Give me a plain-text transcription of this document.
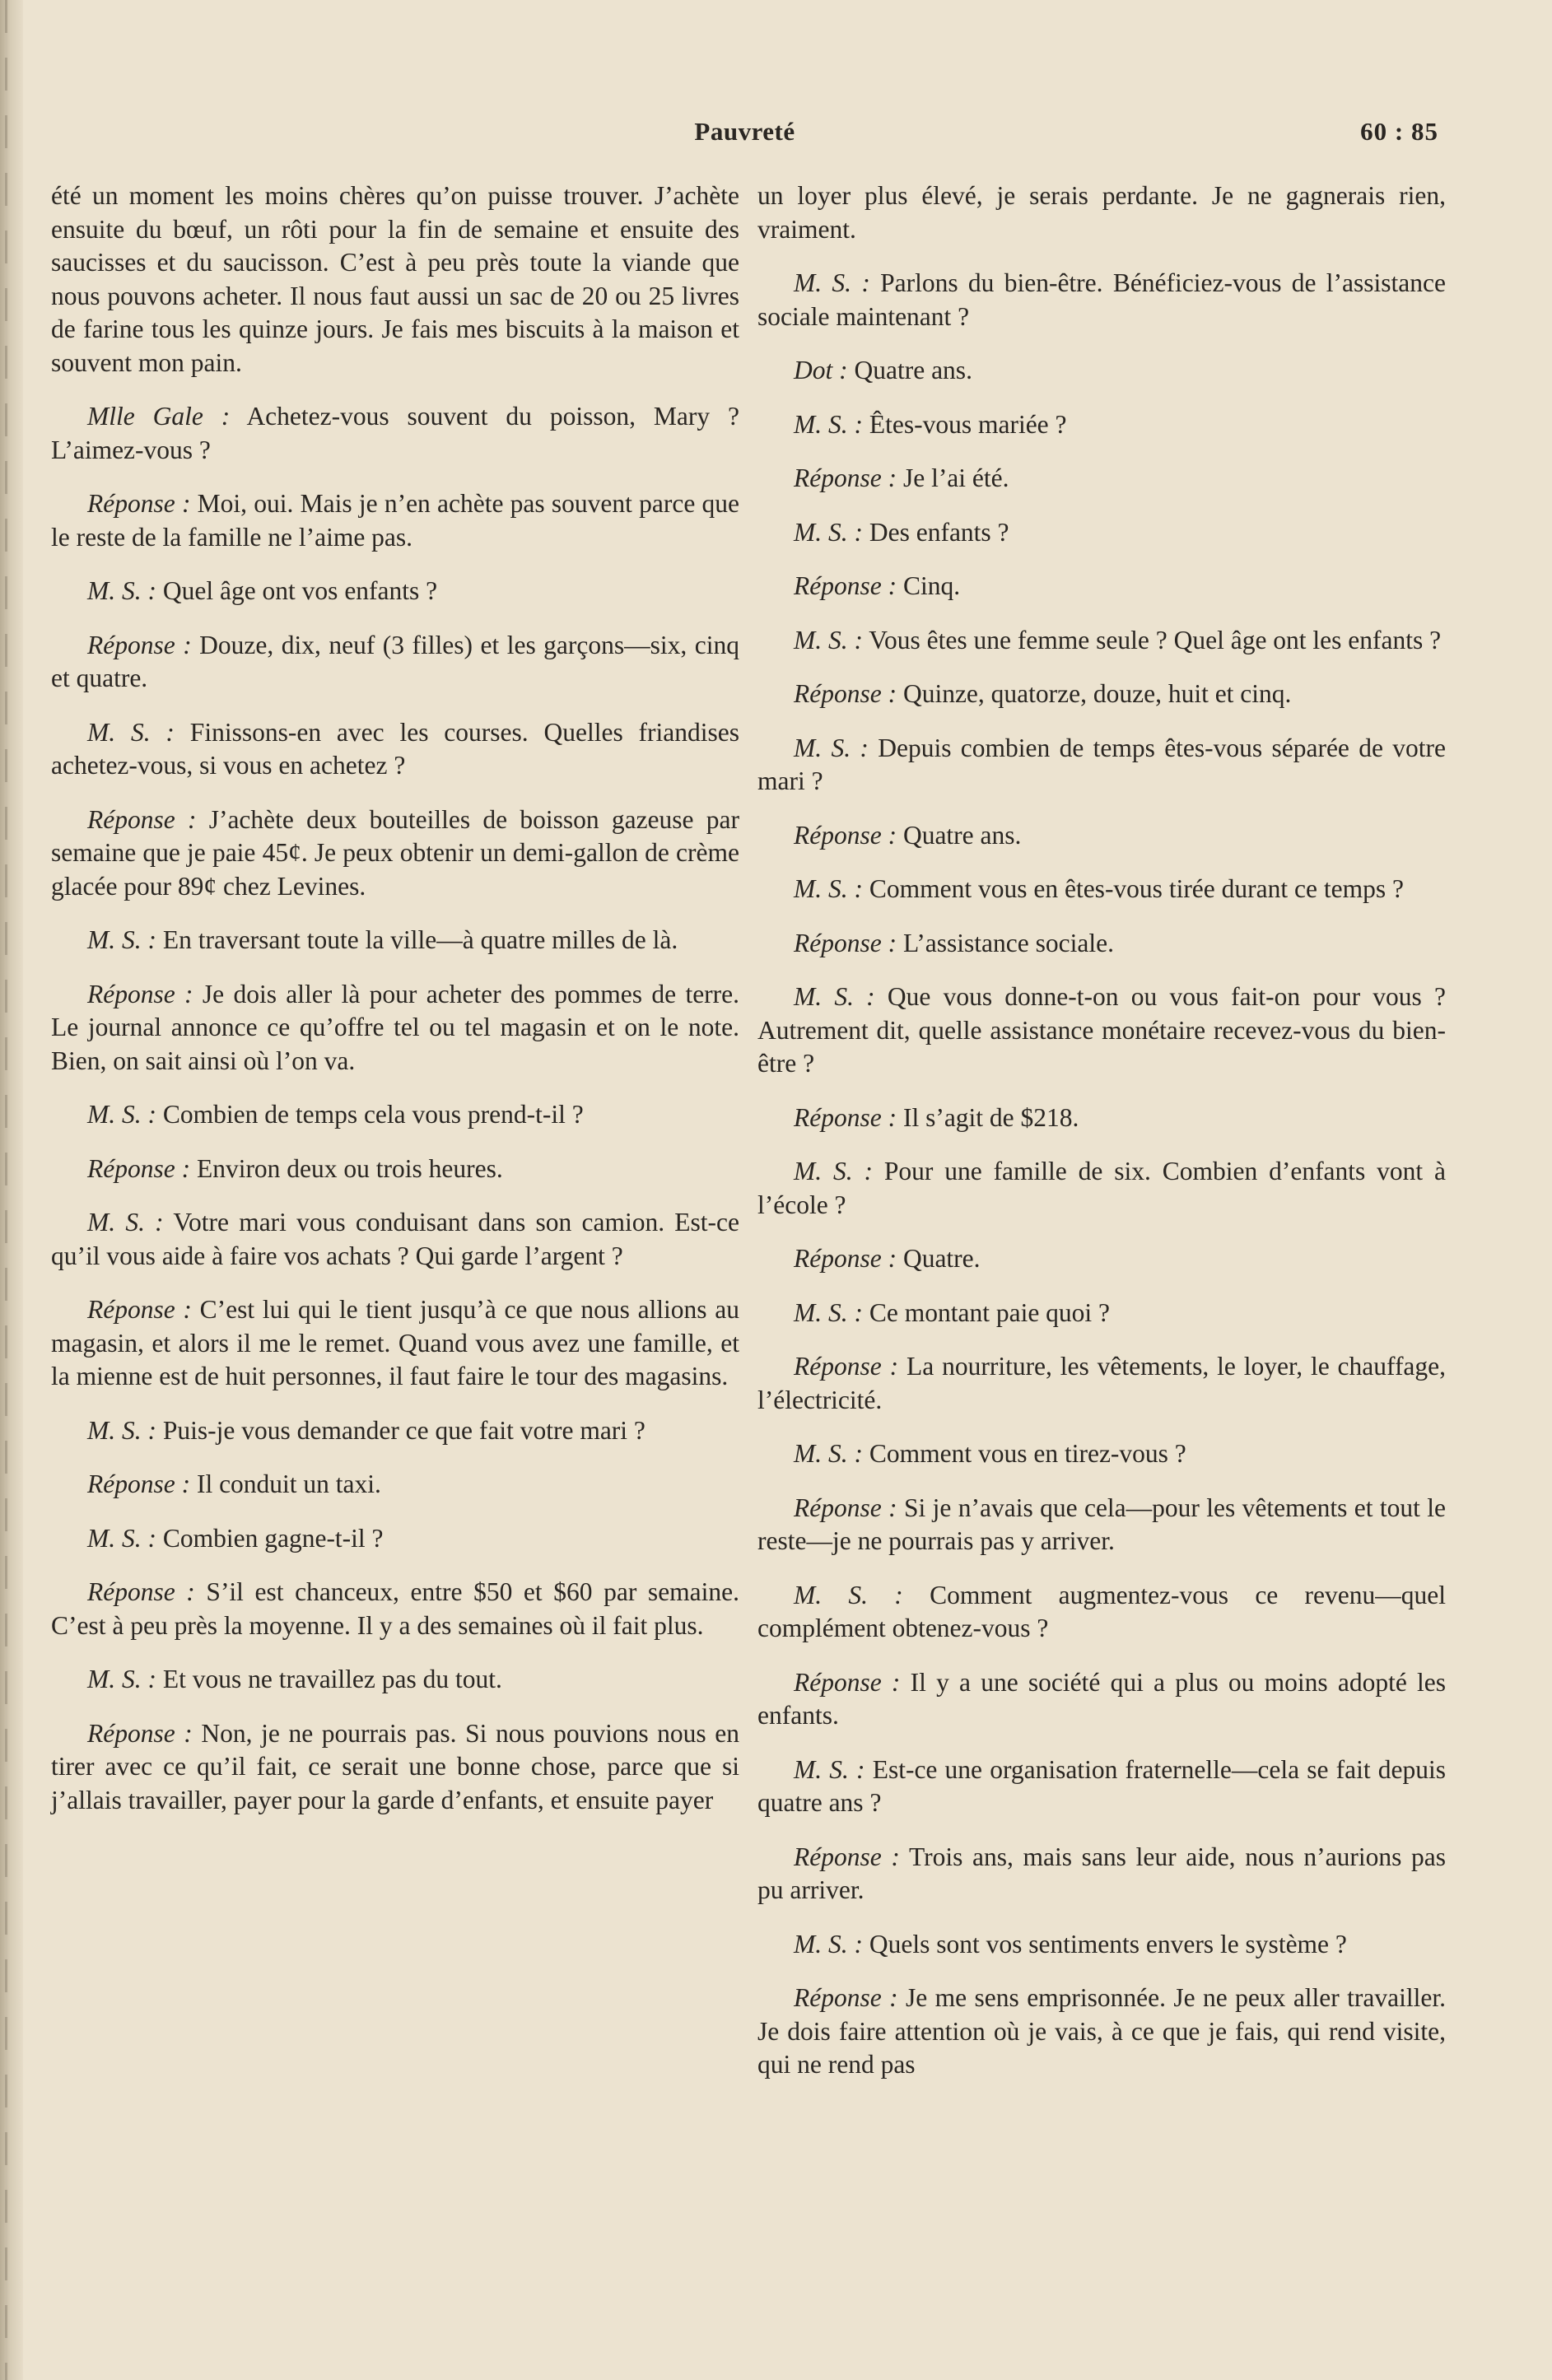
Pauvreté	60 : 85

été un moment les moins chères qu’on puisse trouver. J’achète ensuite du bœuf, un rôti pour la fin de semaine et ensuite des saucisses et du saucisson. C’est à peu près toute la viande que nous pouvons acheter. Il nous faut aussi un sac de 20 ou 25 livres de farine tous les quinze jours. Je fais mes biscuits à la maison et souvent mon pain.

Mlle Gale : Achetez-vous souvent du poisson, Mary ? L’aimez-vous ?

Réponse : Moi, oui. Mais je n’en achète pas souvent parce que le reste de la famille ne l’aime pas.

M. S. : Quel âge ont vos enfants ?

Réponse : Douze, dix, neuf (3 filles) et les garçons—six, cinq et quatre.

M. S. : Finissons-en avec les courses. Quelles friandises achetez-vous, si vous en achetez ?

Réponse : J’achète deux bouteilles de boisson gazeuse par semaine que je paie 45¢. Je peux obtenir un demi-gallon de crème glacée pour 89¢ chez Levines.

M. S. : En traversant toute la ville—à quatre milles de là.

Réponse : Je dois aller là pour acheter des pommes de terre. Le journal annonce ce qu’offre tel ou tel magasin et on le note. Bien, on sait ainsi où l’on va.

M. S. : Combien de temps cela vous prend-t-il ?

Réponse : Environ deux ou trois heures.

M. S. : Votre mari vous conduisant dans son camion. Est-ce qu’il vous aide à faire vos achats ? Qui garde l’argent ?

Réponse : C’est lui qui le tient jusqu’à ce que nous allions au magasin, et alors il me le remet. Quand vous avez une famille, et la mienne est de huit personnes, il faut faire le tour des magasins.

M. S. : Puis-je vous demander ce que fait votre mari ?

Réponse : Il conduit un taxi.

M. S. : Combien gagne-t-il ?

Réponse : S’il est chanceux, entre $50 et $60 par semaine. C’est à peu près la moyenne. Il y a des semaines où il fait plus.

M. S. : Et vous ne travaillez pas du tout.

Réponse : Non, je ne pourrais pas. Si nous pouvions nous en tirer avec ce qu’il fait, ce serait une bonne chose, parce que si j’allais travailler, payer pour la garde d’enfants, et ensuite payer

un loyer plus élevé, je serais perdante. Je ne gagnerais rien, vraiment.

M. S. : Parlons du bien-être. Bénéficiez-vous de l’assistance sociale maintenant ?

Dot : Quatre ans.

M. S. : Êtes-vous mariée ?

Réponse : Je l’ai été.

M. S. : Des enfants ?

Réponse : Cinq.

M. S. : Vous êtes une femme seule ? Quel âge ont les enfants ?

Réponse : Quinze, quatorze, douze, huit et cinq.

M. S. : Depuis combien de temps êtes-vous séparée de votre mari ?

Réponse : Quatre ans.

M. S. : Comment vous en êtes-vous tirée durant ce temps ?

Réponse : L’assistance sociale.

M. S. : Que vous donne-t-on ou vous fait-on pour vous ? Autrement dit, quelle assistance monétaire recevez-vous du bien-être ?

Réponse : Il s’agit de $218.

M. S. : Pour une famille de six. Combien d’enfants vont à l’école ?

Réponse : Quatre.

M. S. : Ce montant paie quoi ?

Réponse : La nourriture, les vêtements, le loyer, le chauffage, l’électricité.

M. S. : Comment vous en tirez-vous ?

Réponse : Si je n’avais que cela—pour les vêtements et tout le reste—je ne pourrais pas y arriver.

M. S. : Comment augmentez-vous ce revenu—quel complément obtenez-vous ?

Réponse : Il y a une société qui a plus ou moins adopté les enfants.

M. S. : Est-ce une organisation fraternelle—cela se fait depuis quatre ans ?

Réponse : Trois ans, mais sans leur aide, nous n’aurions pas pu arriver.

M. S. : Quels sont vos sentiments envers le système ?

Réponse : Je me sens emprisonnée. Je ne peux aller travailler. Je dois faire attention où je vais, à ce que je fais, qui rend visite, qui ne rend pas
